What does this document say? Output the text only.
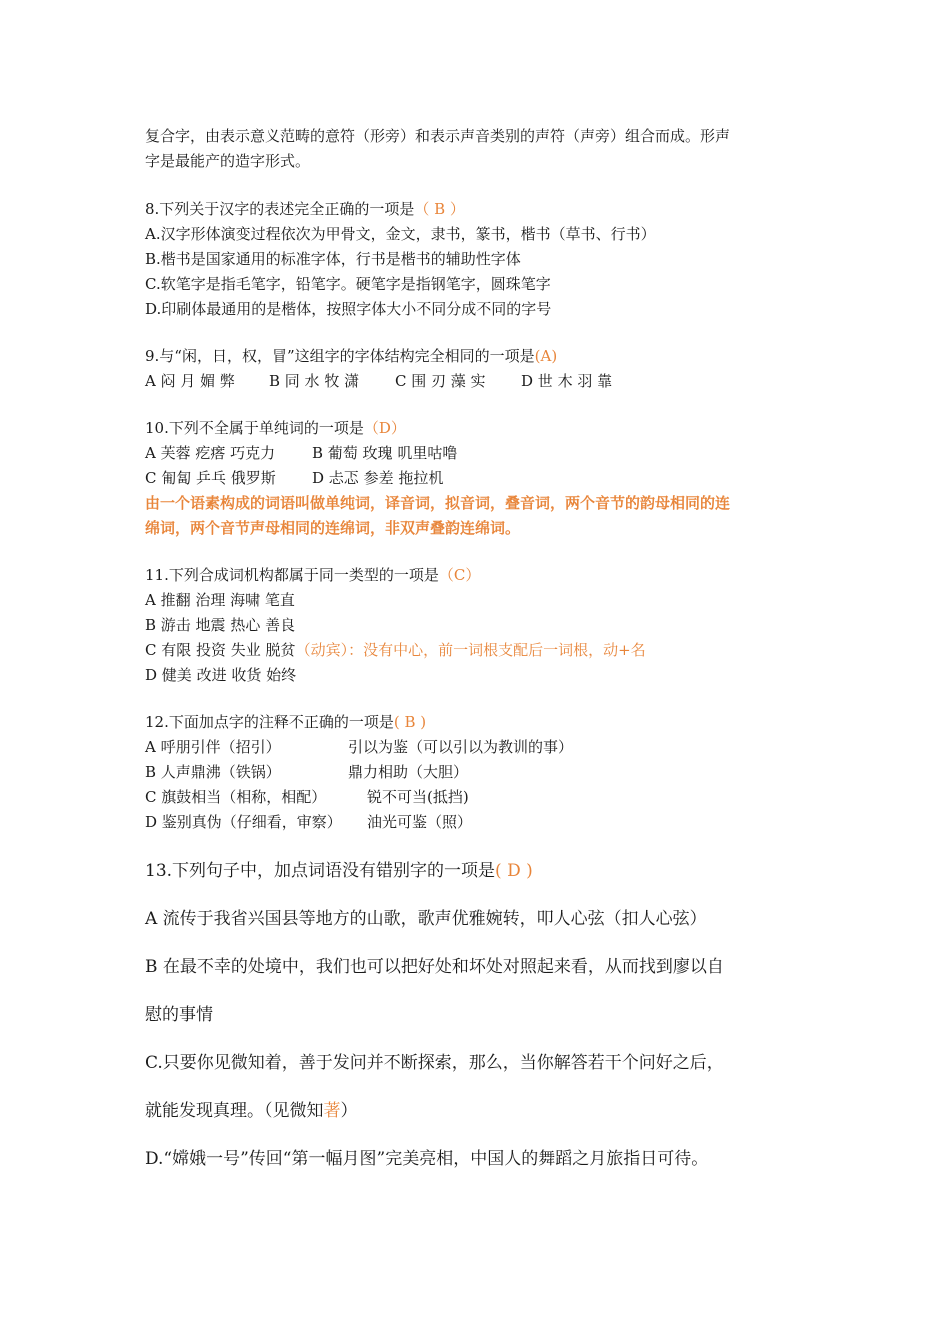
复合字，由表示意义范畴的意符（形旁）和表示声音类别的声符（声旁）组合而成。形声
字是最能产的造字形式。
8.下列关于汉字的表述完全正确的一项是（ B ）
A.汉字形体演变过程依次为甲骨文，金文，隶书，篆书，楷书（草书、行书）
B.楷书是国家通用的标准字体，行书是楷书的辅助性字体
C.软笔字是指毛笔字，铅笔字。硬笔字是指钢笔字，圆珠笔字
D.印刷体最通用的是楷体，按照字体大小不同分成不同的字号
9.与“闲，日，权，冒”这组字的字体结构完全相同的一项是(A)
A 闷 月 媚 弊 B 同 水 牧 潇 C 围 刃 藻 实 D 世 木 羽 靠
10.下列不全属于单纯词的一项是（D）
A 芙蓉 疙瘩 巧克力 B 葡萄 玫瑰 叽里咕噜
C 匍匐 乒乓 俄罗斯 D 忐忑 参差 拖拉机
由一个语素构成的词语叫做单纯词，译音词，拟音词，叠音词，两个音节的韵母相同的连
绵词，两个音节声母相同的连绵词，非双声叠韵连绵词。
11.下列合成词机构都属于同一类型的一项是（C）
A 推翻 治理 海啸 笔直
B 游击 地震 热心 善良
C 有限 投资 失业 脱贫（动宾）：没有中心，前一词根支配后一词根，动+名
D 健美 改进 收货 始终
12.下面加点字的注释不正确的一项是( B )
A 呼朋引伴（招引）	引以为鉴（可以引以为教训的事）
B 人声鼎沸（铁锅）	鼎力相助（大胆）
C 旗鼓相当（相称，相配）	锐不可当(抵挡)
D 鉴别真伪（仔细看，审察） 油光可鉴（照）
13.下列句子中，加点词语没有错别字的一项是( D )
A 流传于我省兴国县等地方的山歌，歌声优雅婉转，叩人心弦（扣人心弦）
B 在最不幸的处境中，我们也可以把好处和坏处对照起来看，从而找到廖以自
慰的事情
C.只要你见微知着，善于发问并不断探索，那么，当你解答若干个问好之后，
就能发现真理。（见微知著）
D.“嫦娥一号”传回“第一幅月图”完美亮相，中国人的舞蹈之月旅指日可待。
